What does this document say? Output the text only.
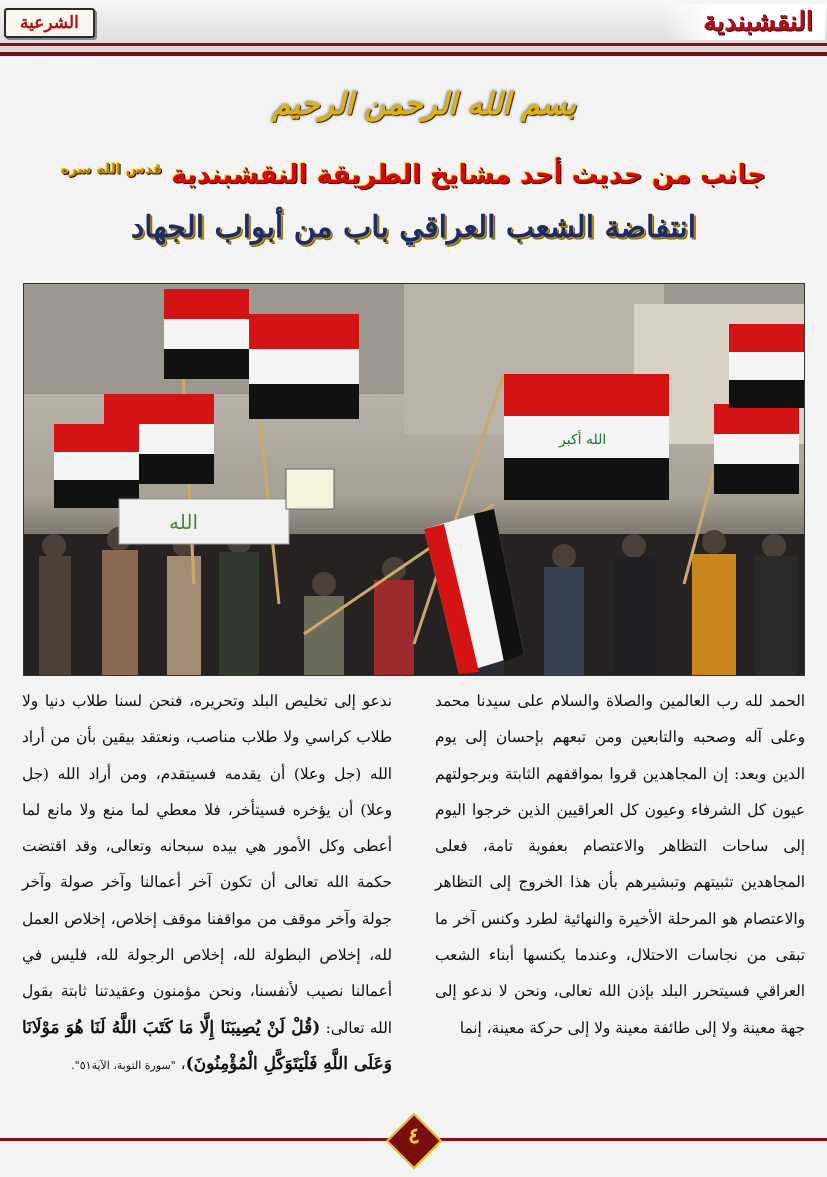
النقشبندية
الشرعية
بسم الله الرحمن الرحيم
جانب من حديث أحد مشايخ الطريقة النقشبندية $^{قدس الله سره}$
انتفاضة الشعب العراقي باب من أبواب الجهاد
الله أكبر
الله

الحمد لله رب العالمين والصلاة والسلام على سيدنا محمد وعلى آله وصحبه والتابعين ومن تبعهم بإحسان إلى يوم الدين وبعد: إن المجاهدين قروا بمواقفهم الثابتة وبرجولتهم عيون كل الشرفاء وعيون كل العراقيين الذين خرجوا اليوم إلى ساحات التظاهر والاعتصام بعفوية تامة، فعلى المجاهدين تثبيتهم وتبشيرهم بأن هذا الخروج إلى التظاهر والاعتصام هو المرحلة الأخيرة والنهائية لطرد وكنس آخر ما تبقى من نجاسات الاحتلال، وعندما يكنسها أبناء الشعب العراقي فسيتحرر البلد بإذن الله تعالى، ونحن لا ندعو إلى جهة معينة ولا إلى طائفة معينة ولا إلى حركة معينة، إنما

ندعو إلى تخليص البلد وتحريره، فنحن لسنا طلاب دنيا ولا طلاب كراسي ولا طلاب مناصب، ونعتقد بيقين بأن من أراد الله (جل وعلا) أن يقدمه فسيتقدم، ومن أراد الله (جل وعلا) أن يؤخره فسيتأخر، فلا معطي لما منع ولا مانع لما أعطى وكل الأمور هي بيده سبحانه وتعالى، وقد اقتضت حكمة الله تعالى أن تكون آخر أعمالنا وآخر صولة وآخر جولة وآخر موقف من مواقفنا موقف إخلاص، إخلاص العمل لله، إخلاص البطولة لله، إخلاص الرجولة لله، فليس في أعمالنا نصيب لأنفسنا، ونحن مؤمنون وعقيدتنا ثابتة بقول الله تعالى: (قُلْ لَنْ يُصِيبَنَا إِلَّا مَا كَتَبَ اللَّهُ لَنَا هُوَ مَوْلَانَا وَعَلَى اللَّهِ فَلْيَتَوَكَّلِ الْمُؤْمِنُونَ)، "سورة التوبة، الآية٥١".

٤
